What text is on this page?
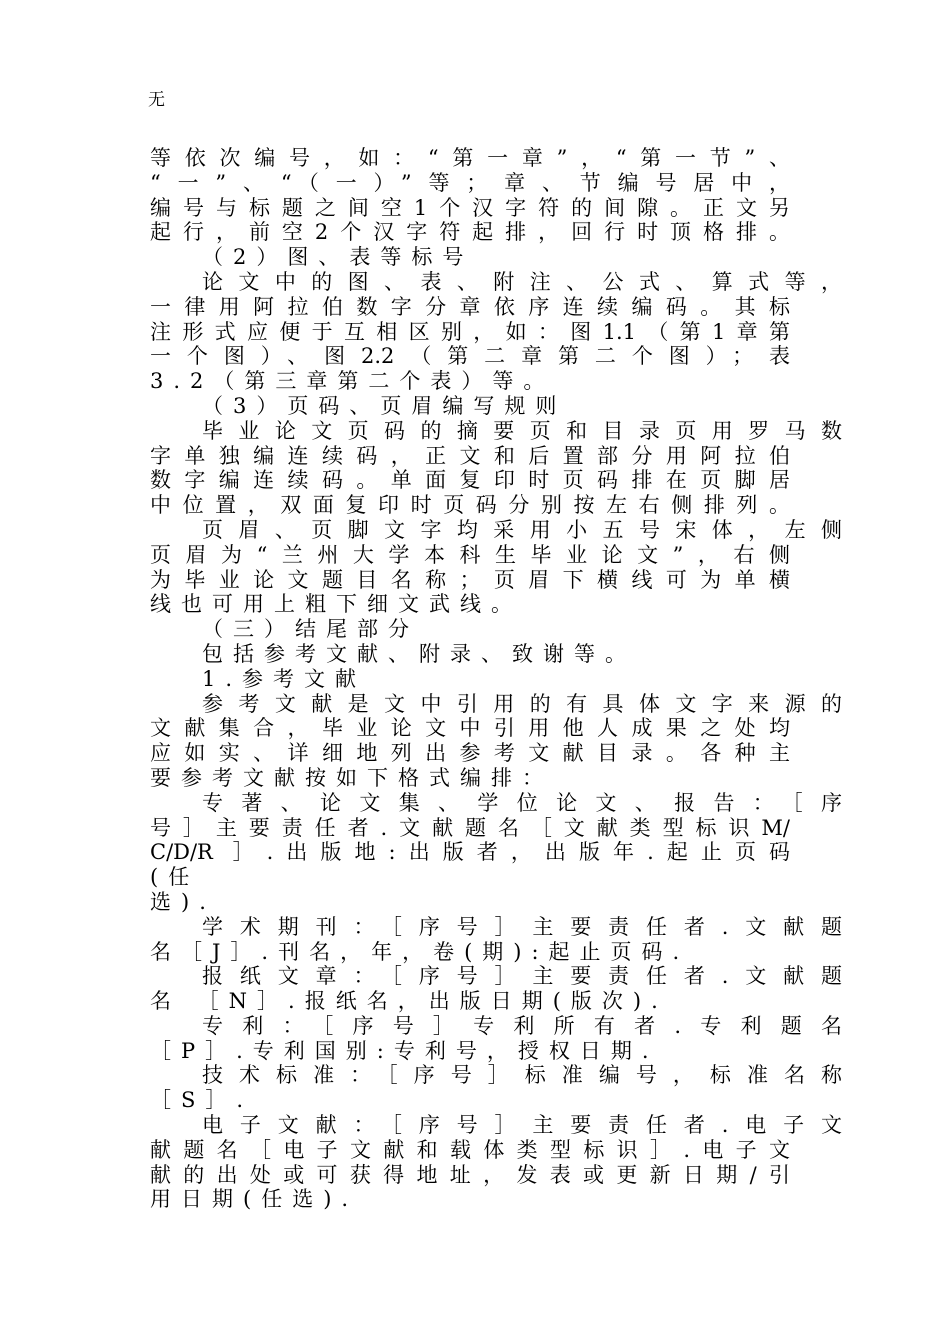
无
等依次编号，如：“第一章”，“第一节”、
“一”、“（一）”等；章、节编号居中，
编号与标题之间空1个汉字符的间隙。正文另
起行，前空2个汉字符起排，回行时顶格排。
（2）图、表等标号
论文中的图、表、附注、公式、算式等，
一律用阿拉伯数字分章依序连续编码。其标
注形式应便于互相区别，如：图1.1（第1章第
一个图）、图2.2（第二章第二个图）；表
3.2（第三章第二个表）等。
（3）页码、页眉编写规则
毕业论文页码的摘要页和目录页用罗马数
字单独编连续码，正文和后置部分用阿拉伯
数字编连续码。单面复印时页码排在页脚居
中位置，双面复印时页码分别按左右侧排列。
页眉、页脚文字均采用小五号宋体，左侧
页眉为“兰州大学本科生毕业论文”，右侧
为毕业论文题目名称；页眉下横线可为单横
线也可用上粗下细文武线。
（三）结尾部分
包括参考文献、附录、致谢等。
1.参考文献
参考文献是文中引用的有具体文字来源的
文献集合，毕业论文中引用他人成果之处均
应如实、详细地列出参考文献目录。各种主
要参考文献按如下格式编排：
专著、论文集、学位论文、报告：［序
号］主要责任者.文献题名［文献类型标识M/
C/D/R ］.出版地:出版者，出版年.起止页码
(任
选).
学术期刊：［序号］主要责任者.文献题
名［J］.刊名，年，卷(期):起止页码.
报纸文章：［序号］主要责任者.文献题
名 ［N］.报纸名，出版日期(版次).
专利：［序号］专利所有者.专利题名
［P］.专利国别:专利号，授权日期.
技术标准：［序号］标准编号，标准名称
［S］.
电子文献：［序号］主要责任者.电子文
献题名［电子文献和载体类型标识］.电子文
献的出处或可获得地址，发表或更新日期/引
用日期(任选).
